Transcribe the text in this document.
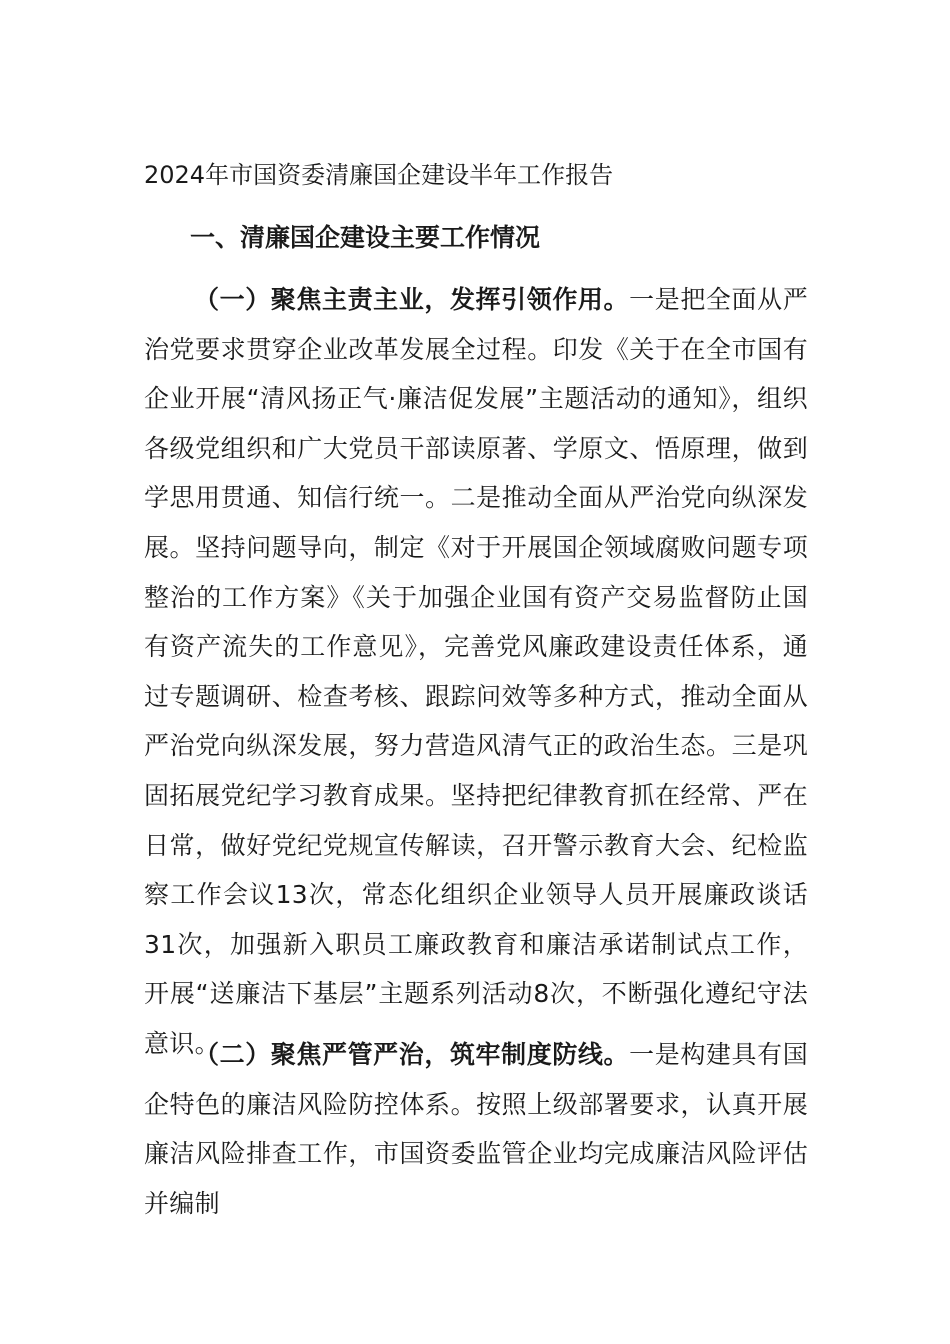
2024年市国资委清廉国企建设半年工作报告
一、清廉国企建设主要工作情况

（一）聚焦主责主业，发挥引领作用。一是把全面从严治党要求贯穿企业改革发展全过程。印发《关于在全市国有企业开展“清风扬正气·廉洁促发展”主题活动的通知》，组织各级党组织和广大党员干部读原著、学原文、悟原理，做到学思用贯通、知信行统一。二是推动全面从严治党向纵深发展。坚持问题导向，制定《对于开展国企领域腐败问题专项整治的工作方案》《关于加强企业国有资产交易监督防止国有资产流失的工作意见》，完善党风廉政建设责任体系，通过专题调研、检查考核、跟踪问效等多种方式，推动全面从严治党向纵深发展，努力营造风清气正的政治生态。三是巩固拓展党纪学习教育成果。坚持把纪律教育抓在经常、严在日常，做好党纪党规宣传解读，召开警示教育大会、纪检监察工作会议13次，常态化组织企业领导人员开展廉政谈话31次，加强新入职员工廉政教育和廉洁承诺制试点工作，开展“送廉洁下基层”主题系列活动8次，不断强化遵纪守法意识。

（二）聚焦严管严治，筑牢制度防线。一是构建具有国企特色的廉洁风险防控体系。按照上级部署要求，认真开展廉洁风险排查工作，市国资委监管企业均完成廉洁风险评估并编制
